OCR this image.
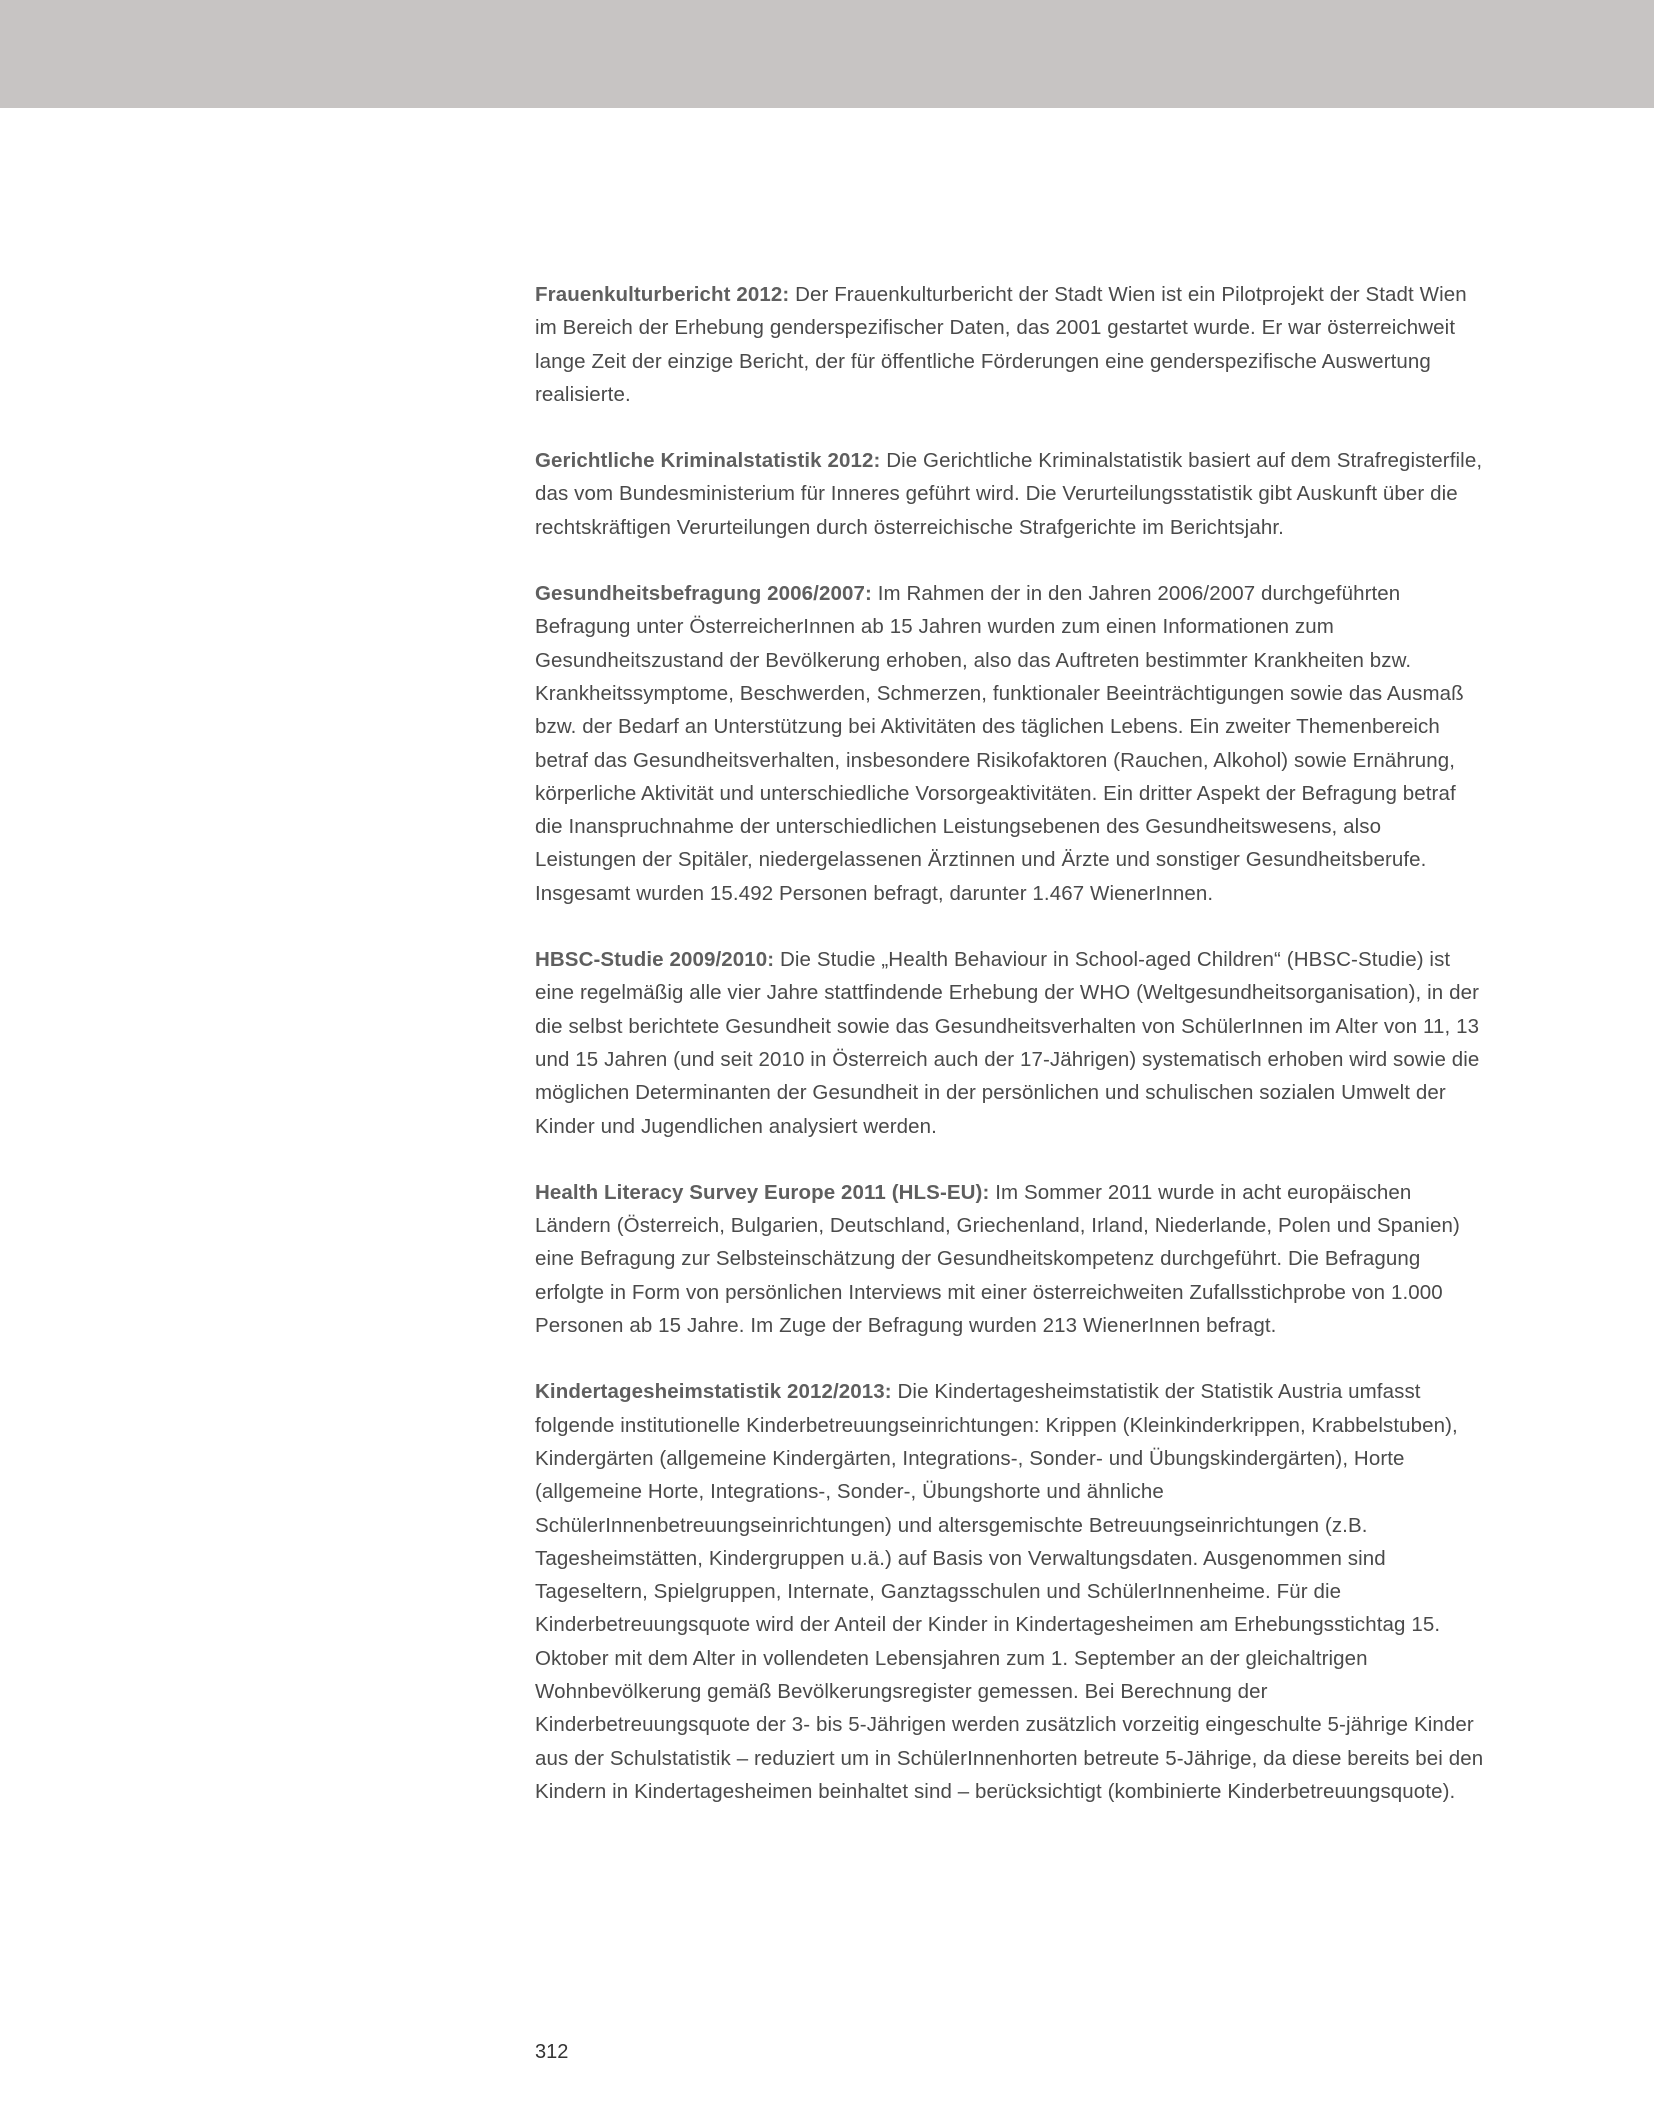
Frauenkulturbericht 2012: Der Frauenkulturbericht der Stadt Wien ist ein Pilotprojekt der Stadt Wien im Bereich der Erhebung genderspezifischer Daten, das 2001 gestartet wurde. Er war österreichweit lange Zeit der einzige Bericht, der für öffentliche Förderungen eine genderspezifische Auswertung realisierte.

Gerichtliche Kriminalstatistik 2012: Die Gerichtliche Kriminalstatistik basiert auf dem Strafregisterfile, das vom Bundesministerium für Inneres geführt wird. Die Verurteilungsstatistik gibt Auskunft über die rechtskräftigen Verurteilungen durch österreichische Strafgerichte im Berichtsjahr.

Gesundheitsbefragung 2006/2007: Im Rahmen der in den Jahren 2006/2007 durchgeführten Befragung unter ÖsterreicherInnen ab 15 Jahren wurden zum einen Informationen zum Gesundheitszustand der Bevölkerung erhoben, also das Auftreten bestimmter Krankheiten bzw. Krankheitssymptome, Beschwerden, Schmerzen, funktionaler Beeinträchtigungen sowie das Ausmaß bzw. der Bedarf an Unterstützung bei Aktivitäten des täglichen Lebens. Ein zweiter Themenbereich betraf das Gesundheitsverhalten, insbesondere Risikofaktoren (Rauchen, Alkohol) sowie Ernährung, körperliche Aktivität und unterschiedliche Vorsorgeaktivitäten. Ein dritter Aspekt der Befragung betraf die Inanspruchnahme der unterschiedlichen Leistungsebenen des Gesundheitswesens, also Leistungen der Spitäler, niedergelassenen Ärztinnen und Ärzte und sonstiger Gesundheitsberufe. Insgesamt wurden 15.492 Personen befragt, darunter 1.467 WienerInnen.

HBSC-Studie 2009/2010: Die Studie „Health Behaviour in School-aged Children“ (HBSC-Studie) ist eine regelmäßig alle vier Jahre stattfindende Erhebung der WHO (Weltgesundheitsorganisation), in der die selbst berichtete Gesundheit sowie das Gesundheitsverhalten von SchülerInnen im Alter von 11, 13 und 15 Jahren (und seit 2010 in Österreich auch der 17-Jährigen) systematisch erhoben wird sowie die möglichen Determinanten der Gesundheit in der persönlichen und schulischen sozialen Umwelt der Kinder und Jugendlichen analysiert werden.

Health Literacy Survey Europe 2011 (HLS-EU): Im Sommer 2011 wurde in acht europäischen Ländern (Österreich, Bulgarien, Deutschland, Griechenland, Irland, Niederlande, Polen und Spanien) eine Befragung zur Selbsteinschätzung der Gesundheitskompetenz durchgeführt. Die Befragung erfolgte in Form von persönlichen Interviews mit einer österreichweiten Zufallsstichprobe von 1.000 Personen ab 15 Jahre. Im Zuge der Befragung wurden 213 WienerInnen befragt.

Kindertagesheimstatistik 2012/2013: Die Kindertagesheimstatistik der Statistik Austria umfasst folgende institutionelle Kinderbetreuungseinrichtungen: Krippen (Kleinkinderkrippen, Krabbelstuben), Kindergärten (allgemeine Kindergärten, Integrations-, Sonder- und Übungskindergärten), Horte (allgemeine Horte, Integrations-, Sonder-, Übungshorte und ähnliche SchülerInnenbetreuungseinrichtungen) und altersgemischte Betreuungseinrichtungen (z.B. Tagesheimstätten, Kindergruppen u.ä.) auf Basis von Verwaltungsdaten. Ausgenommen sind Tageseltern, Spielgruppen, Internate, Ganztagsschulen und SchülerInnenheime. Für die Kinderbetreuungsquote wird der Anteil der Kinder in Kindertagesheimen am Erhebungsstichtag 15. Oktober mit dem Alter in vollendeten Lebensjahren zum 1. September an der gleichaltrigen Wohnbevölkerung gemäß Bevölkerungsregister gemessen. Bei Berechnung der Kinderbetreuungsquote der 3- bis 5-Jährigen werden zusätzlich vorzeitig eingeschulte 5-jährige Kinder aus der Schulstatistik – reduziert um in SchülerInnenhorten betreute 5-Jährige, da diese bereits bei den Kindern in Kindertagesheimen beinhaltet sind – berücksichtigt (kombinierte Kinderbetreuungsquote).

312
